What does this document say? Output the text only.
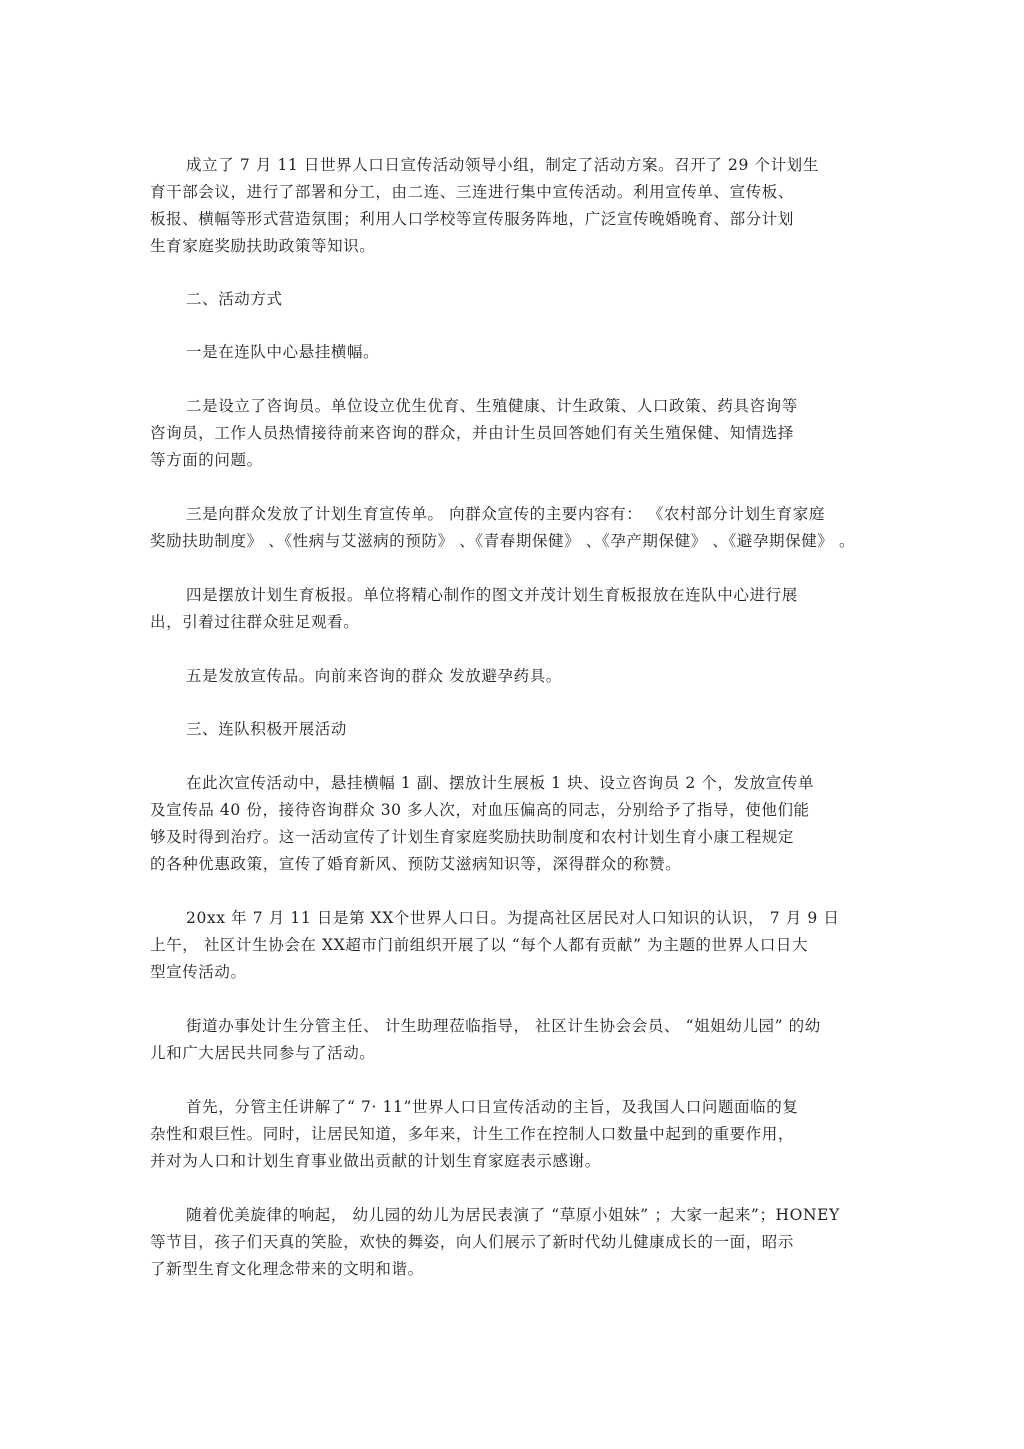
成立了 7 月 11 日世界人口日宣传活动领导小组，制定了活动方案。召开了 29 个计划生
育干部会议，进行了部署和分工，由二连、三连进行集中宣传活动。利用宣传单、宣传板、
板报、横幅等形式营造氛围；利用人口学校等宣传服务阵地，广泛宣传晚婚晚育、部分计划
生育家庭奖励扶助政策等知识。
二、活动方式
一是在连队中心悬挂横幅。
二是设立了咨询员。单位设立优生优育、生殖健康、计生政策、人口政策、药具咨询等
咨询员，工作人员热情接待前来咨询的群众，并由计生员回答她们有关生殖保健、知情选择
等方面的问题。
三是向群众发放了计划生育宣传单。 向群众宣传的主要内容有： 《农村部分计划生育家庭
奖励扶助制度》 、《性病与艾滋病的预防》 、《青春期保健》 、《孕产期保健》 、《避孕期保健》 。
四是摆放计划生育板报。单位将精心制作的图文并茂计划生育板报放在连队中心进行展
出，引着过往群众驻足观看。
五是发放宣传品。向前来咨询的群众 发放避孕药具。
三、连队积极开展活动
在此次宣传活动中，悬挂横幅 1 副、摆放计生展板 1 块、设立咨询员 2 个，发放宣传单
及宣传品 40 份，接待咨询群众 30 多人次，对血压偏高的同志，分别给予了指导，使他们能
够及时得到治疗。这一活动宣传了计划生育家庭奖励扶助制度和农村计划生育小康工程规定
的各种优惠政策，宣传了婚育新风、预防艾滋病知识等，深得群众的称赞。
20xx 年 7 月 11 日是第 XX个世界人口日。为提高社区居民对人口知识的认识， 7 月 9 日
上午， 社区计生协会在 XX超市门前组织开展了以 “每个人都有贡献” 为主题的世界人口日大
型宣传活动。
街道办事处计生分管主任、 计生助理莅临指导， 社区计生协会会员、 “姐姐幼儿园” 的幼
儿和广大居民共同参与了活动。
首先，分管主任讲解了“ 7· 11”世界人口日宣传活动的主旨，及我国人口问题面临的复
杂性和艰巨性。同时，让居民知道，多年来，计生工作在控制人口数量中起到的重要作用，
并对为人口和计划生育事业做出贡献的计划生育家庭表示感谢。
随着优美旋律的响起， 幼儿园的幼儿为居民表演了 “草原小姐妹” ；大家一起来”；HONEY
等节目，孩子们天真的笑脸，欢快的舞姿，向人们展示了新时代幼儿健康成长的一面，昭示
了新型生育文化理念带来的文明和谐。
